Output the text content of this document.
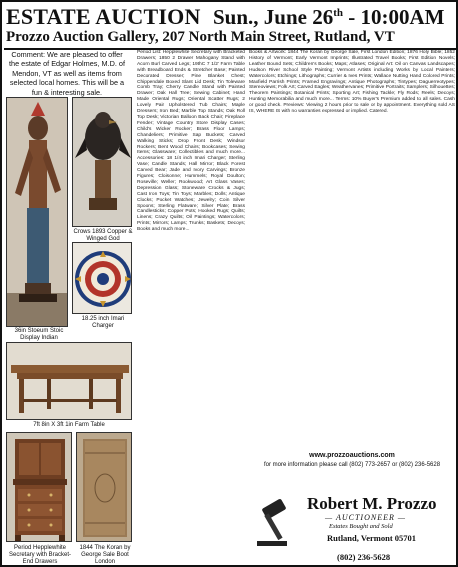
ESTATE AUCTION Sun., June 26th - 10:00AM
Prozzo Auction Gallery, 207 North Main Street, Rutland, VT
Comment: We are pleased to offer the estate of Edgar Holmes, M.D. of Mendon, VT as well as items from selected local homes. This will be a fun & interesting sale.
36in Stoeum Stoic Display Indian
Crows 1893 Copper & Winged God
18.25 inch Imari Charger
7ft 8in X 3ft 1in Farm Table
Period Hepplewhite Secretary with Bracket-End Drawers
1844 The Koran by George Sale Boot London
Period List: Hepplewhite Secretary with Bracketed Drawers; 1850 2 Drawer Mahogany Stand with Acorn Burl Carved Legs; 19thC 7 1/2' Farm Table with Breadboard Ends & Stretcher Base; Painted Decorated Dresser; Pine Blanket Chest; Chippendale Boxed Slant Lid Desk; Tin Toleware Comb Tray; Cherry Candle Stand with Painted Drawer; Oak Hall Tree; Sewing Cabinet; Hand Made Oriental Rugs; Oriental Scatter Rugs; 2 Lovely Pair Upholstered Tub Chairs; Maple Dressers; Iron Bed; Marble Top Stands; Oak Roll Top Desk; Victorian Balloon Back Chair; Fireplace Fender; Vintage Country Store Display Cases; Child's Wicker Rocker; Brass Floor Lamps; Chandeliers; Primitive Sap Buckets; Carved Walking Sticks; Drop Front Desk; Windsor Rockers; Bent Wood Chairs; Bookcases; Sewing Items; Glassware; Collectibles and much more... Accessories: 18 1/4 inch Imari Charger; Sterling Vase; Candle Stands; Hall Mirror; Black Forest Carved Bear; Jade and Ivory Carvings; Bronze Figures; Cloisonne; Hummels; Royal Doulton; Roseville; Weller; Rookwood; Art Glass Vases; Depression Glass; Stoneware Crocks & Jugs; Cast Iron Toys; Tin Toys; Marbles; Dolls; Antique Clocks; Pocket Watches; Jewelry; Coin Silver Spoons; Sterling Flatware; Silver Plate; Brass Candlesticks; Copper Pots; Hooked Rugs; Quilts; Linens; Crazy Quilts; Oil Paintings; Watercolors; Prints; Mirrors; Lamps; Trunks; Baskets; Decoys; Books and much more...
Books & Artwork: 1844 The Koran by George Sale, First London Edition; 1876 Holy Bible; 1852 History of Vermont; Early Vermont Imprints; Illustrated Travel Books; First Edition Novels; Leather Bound Sets; Children's Books; Maps; Atlases; Original Art: Oil on Canvas Landscapes; Hudson River School Style Painting; Vermont Artists including Works by Local Painters; Watercolors; Etchings; Lithographs; Currier & Ives Prints; Wallace Nutting Hand Colored Prints; Maxfield Parrish Prints; Framed Engravings; Antique Photographs; Tintypes; Daguerreotypes; Stereoviews; Folk Art; Carved Eagles; Weathervanes; Primitive Portraits; Samplers; Silhouettes; Theorem Paintings; Botanical Prints; Sporting Art; Fishing Tackle; Fly Rods; Reels; Decoys; Hunting Memorabilia and much more... Terms: 10% Buyer's Premium added to all sales. Cash or good check. Previews: Viewing 2 hours prior to sale or by appointment. Everything sold AS IS, WHERE IS with no warranties expressed or implied. Catered.
www.prozzoauctions.com
for more information please call (802) 773-2657 or (802) 236-5628
Robert M. Prozzo
— AUCTIONEER —
Estates Bought and Sold
Rutland, Vermont 05701
(802) 236-5628
